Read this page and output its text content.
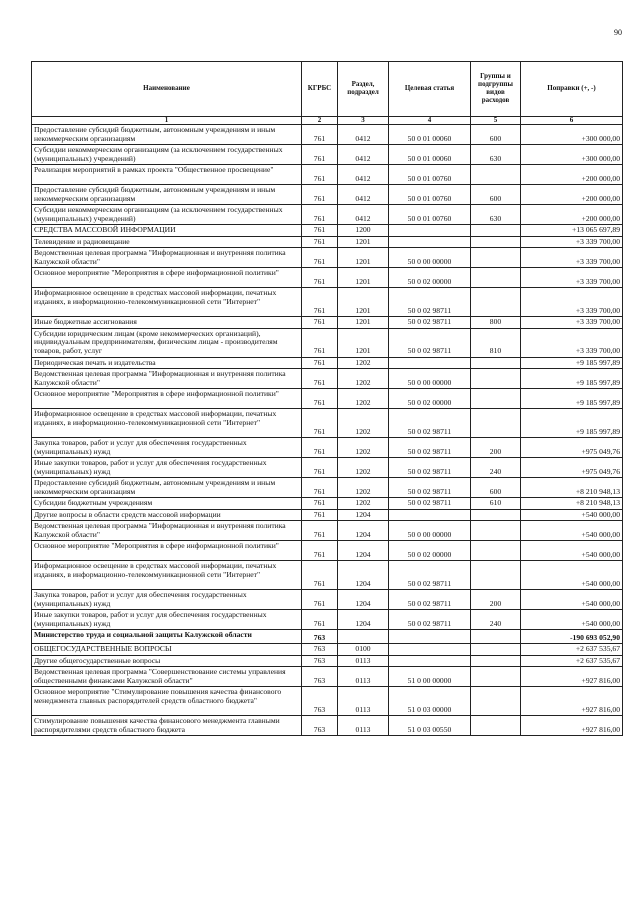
90
Наименование	КГРБС	Раздел, подраздел	Целевая статья	Группы и подгруппы видов расходов	Поправки (+, -)
1	2	3	4	5	6
Предоставление субсидий бюджетным, автономным учреждениям и иным некоммерческим организациям	761	0412	50 0 01 00060	600	+300 000,00
Субсидии некоммерческим организациям (за исключением государственных (муниципальных) учреждений)	761	0412	50 0 01 00060	630	+300 000,00
Реализация мероприятий в рамках проекта "Общественное просвещение"	761	0412	50 0 01 00760		+200 000,00
Предоставление субсидий бюджетным, автономным учреждениям и иным некоммерческим организациям	761	0412	50 0 01 00760	600	+200 000,00
Субсидии некоммерческим организациям (за исключением государственных (муниципальных) учреждений)	761	0412	50 0 01 00760	630	+200 000,00
СРЕДСТВА МАССОВОЙ ИНФОРМАЦИИ	761	1200			+13 065 697,89
Телевидение и радиовещание	761	1201			+3 339 700,00
Ведомственная целевая программа "Информационная и внутренняя политика Калужской области"	761	1201	50 0 00 00000		+3 339 700,00
Основное мероприятие "Мероприятия в сфере информационной политики"	761	1201	50 0 02 00000		+3 339 700,00
Информационное освещение в средствах массовой информации, печатных изданиях, в информационно-телекоммуникационной сети "Интернет"	761	1201	50 0 02 98711		+3 339 700,00
Иные бюджетные ассигнования	761	1201	50 0 02 98711	800	+3 339 700,00
Субсидии юридическим лицам (кроме некоммерческих организаций), индивидуальным предпринимателям, физическим лицам - производителям товаров, работ, услуг	761	1201	50 0 02 98711	810	+3 339 700,00
Периодическая печать и издательства	761	1202			+9 185 997,89
Ведомственная целевая программа "Информационная и внутренняя политика Калужской области"	761	1202	50 0 00 00000		+9 185 997,89
Основное мероприятие "Мероприятия в сфере информационной политики"	761	1202	50 0 02 00000		+9 185 997,89
Информационное освещение в средствах массовой информации, печатных изданиях, в информационно-телекоммуникационной сети "Интернет"	761	1202	50 0 02 98711		+9 185 997,89
Закупка товаров, работ и услуг для обеспечения государственных (муниципальных) нужд	761	1202	50 0 02 98711	200	+975 049,76
Иные закупки товаров, работ и услуг для обеспечения государственных (муниципальных) нужд	761	1202	50 0 02 98711	240	+975 049,76
Предоставление субсидий бюджетным, автономным учреждениям и иным некоммерческим организациям	761	1202	50 0 02 98711	600	+8 210 948,13
Субсидии бюджетным учреждениям	761	1202	50 0 02 98711	610	+8 210 948,13
Другие вопросы в области средств массовой информации	761	1204			+540 000,00
Ведомственная целевая программа "Информационная и внутренняя политика Калужской области"	761	1204	50 0 00 00000		+540 000,00
Основное мероприятие "Мероприятия в сфере информационной политики"	761	1204	50 0 02 00000		+540 000,00
Информационное освещение в средствах массовой информации, печатных изданиях, в информационно-телекоммуникационной сети "Интернет"	761	1204	50 0 02 98711		+540 000,00
Закупка товаров, работ и услуг для обеспечения государственных (муниципальных) нужд	761	1204	50 0 02 98711	200	+540 000,00
Иные закупки товаров, работ и услуг для обеспечения государственных (муниципальных) нужд	761	1204	50 0 02 98711	240	+540 000,00
Министерство труда и социальной защиты Калужской области	763				-190 693 052,90
ОБЩЕГОСУДАРСТВЕННЫЕ ВОПРОСЫ	763	0100			+2 637 535,67
Другие общегосударственные вопросы	763	0113			+2 637 535,67
Ведомственная целевая программа "Совершенствование системы управления общественными финансами Калужской области"	763	0113	51 0 00 00000		+927 816,00
Основное мероприятие "Стимулирование повышения качества финансового менеджмента главных распорядителей средств областного бюджета"	763	0113	51 0 03 00000		+927 816,00
Стимулирование повышения качества финансового менеджмента главными распорядителями средств областного бюджета	763	0113	51 0 03 00550		+927 816,00
